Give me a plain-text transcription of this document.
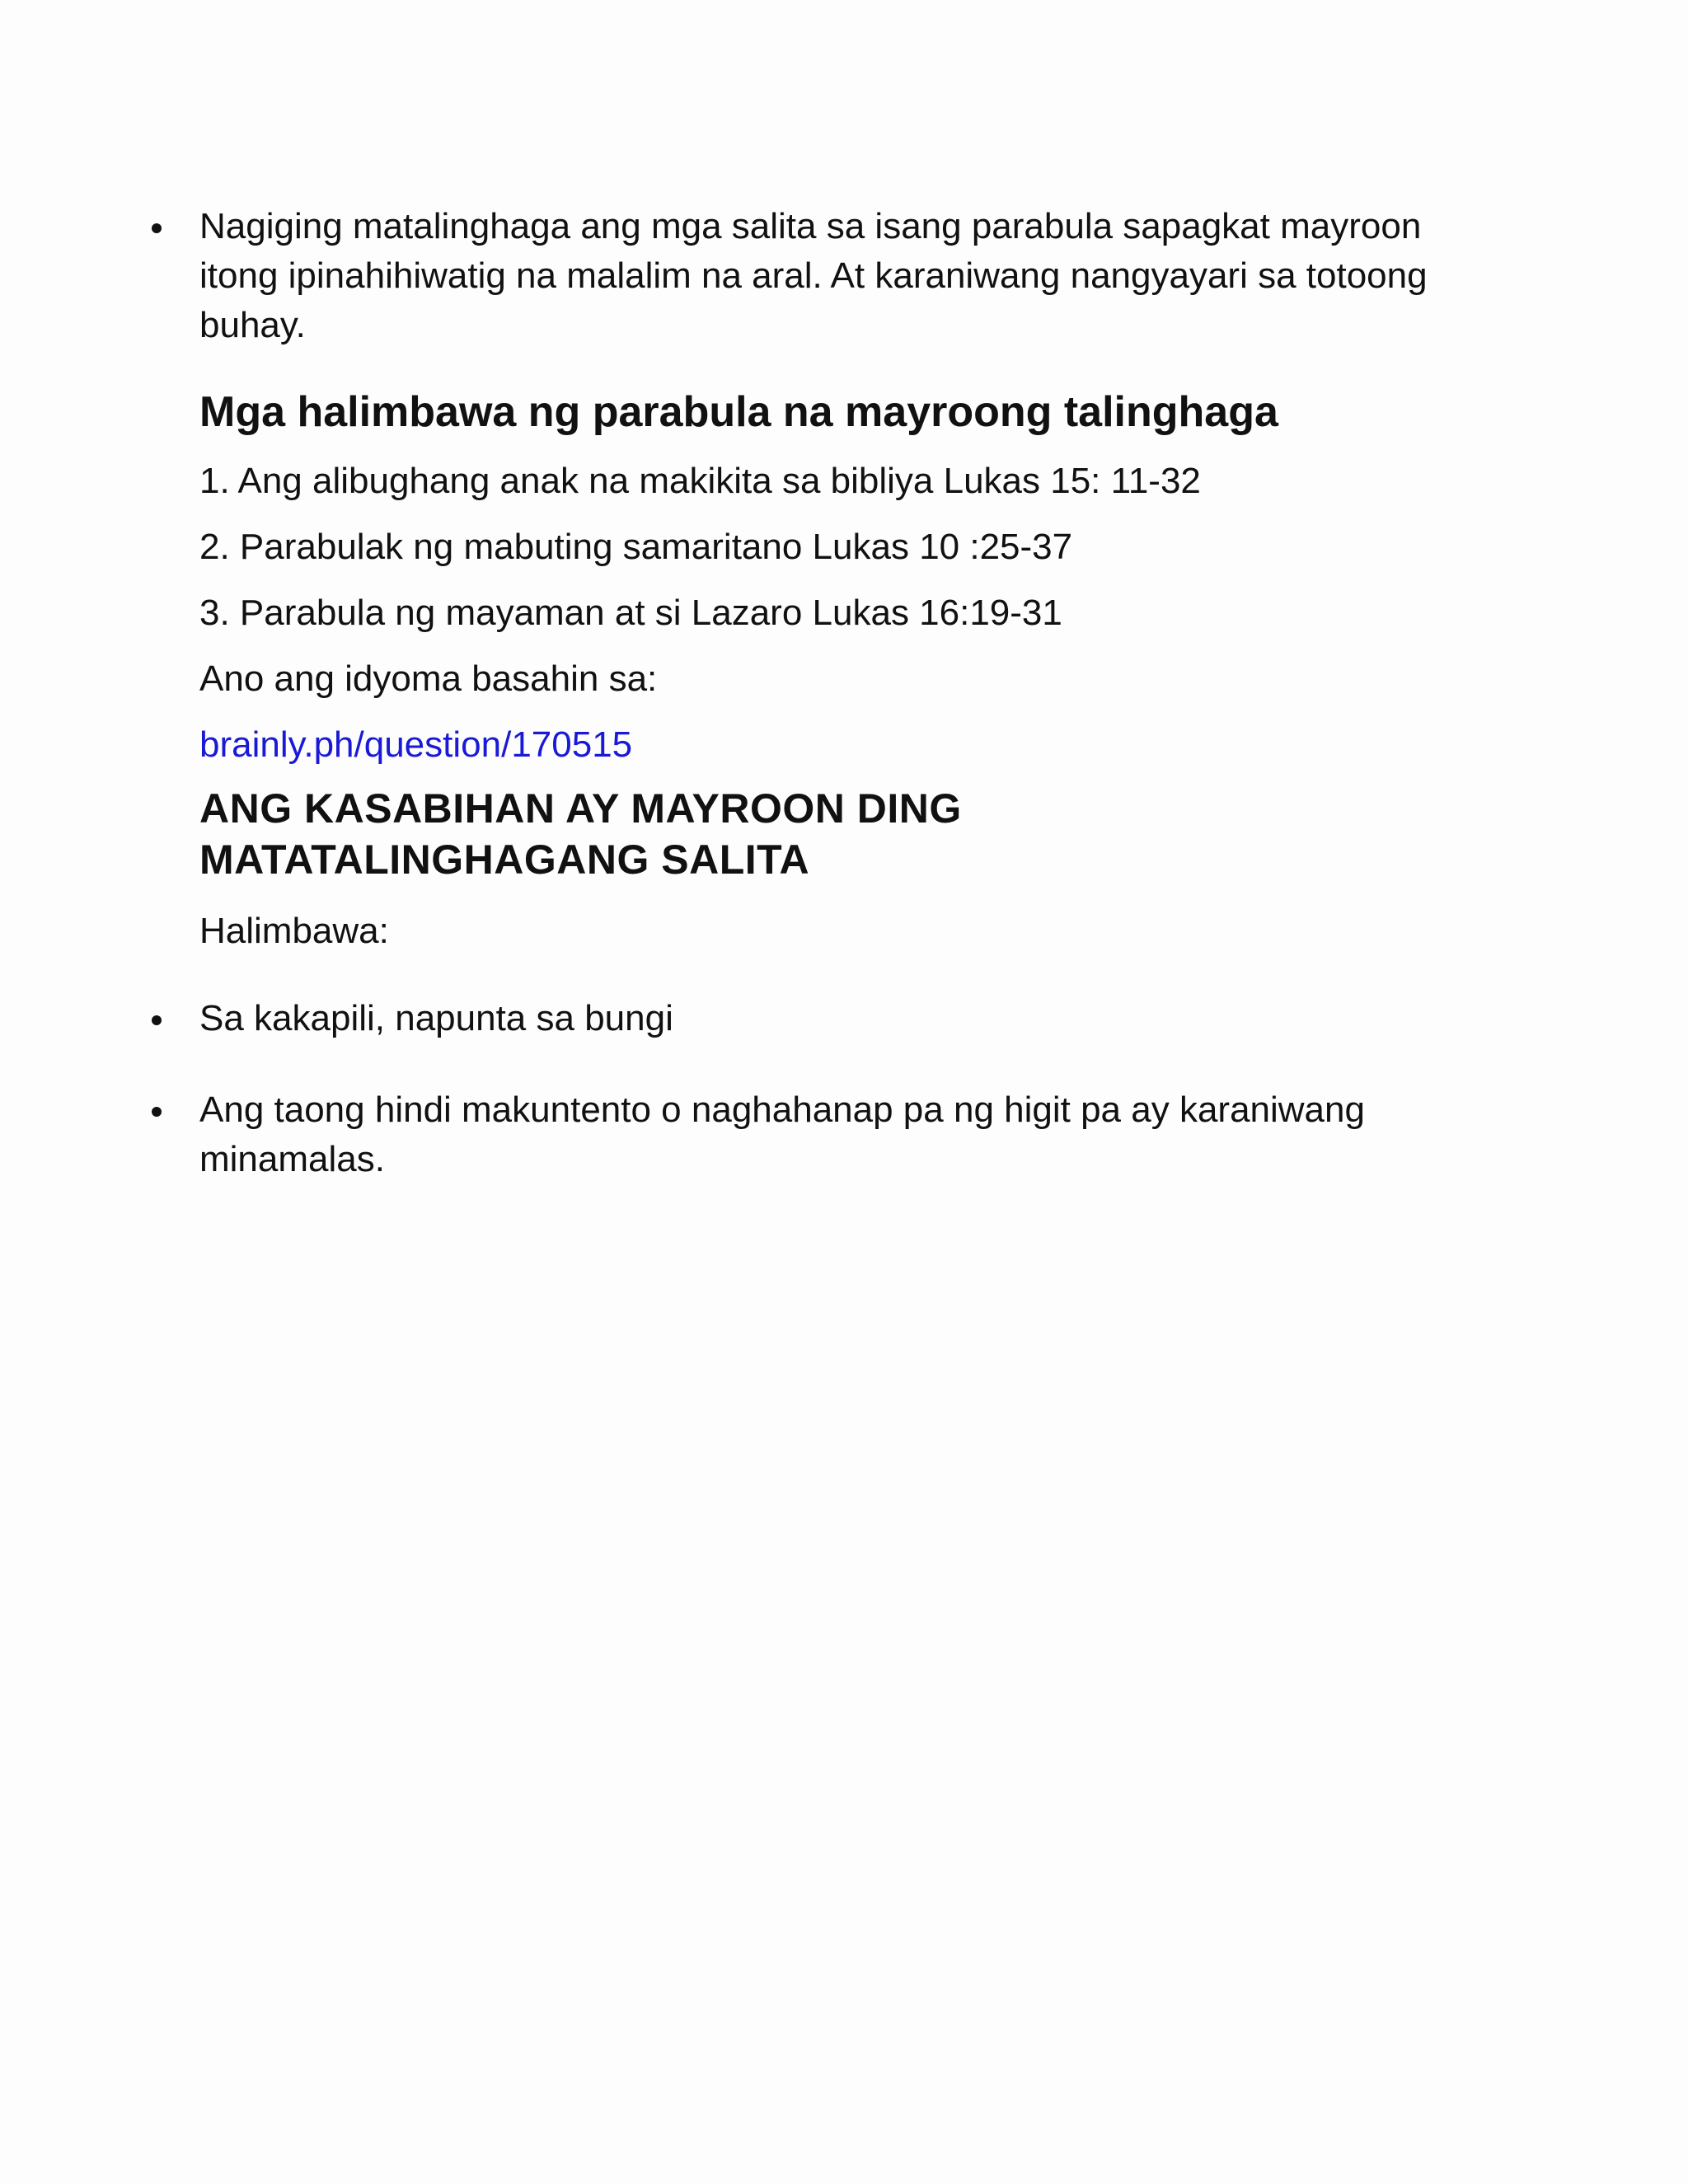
Nagiging matalinghaga ang mga salita sa isang parabula sapagkat mayroon

itong ipinahihiwatig na malalim na aral. At karaniwang nangyayari sa totoong

buhay.

Mga halimbawa ng parabula na mayroong talinghaga

1. Ang alibughang anak na makikita sa bibliya Lukas 15: 11-32

2. Parabulak ng mabuting samaritano Lukas 10 :25-37

3. Parabula ng mayaman at si Lazaro Lukas 16:19-31

Ano ang idyoma basahin sa:

brainly.ph/question/170515

ANG KASABIHAN AY MAYROON DING
MATATALINGHAGANG SALITA

Halimbawa:

Sa kakapili, napunta sa bungi

Ang taong hindi makuntento o naghahanap pa ng higit pa ay karaniwang

minamalas.
